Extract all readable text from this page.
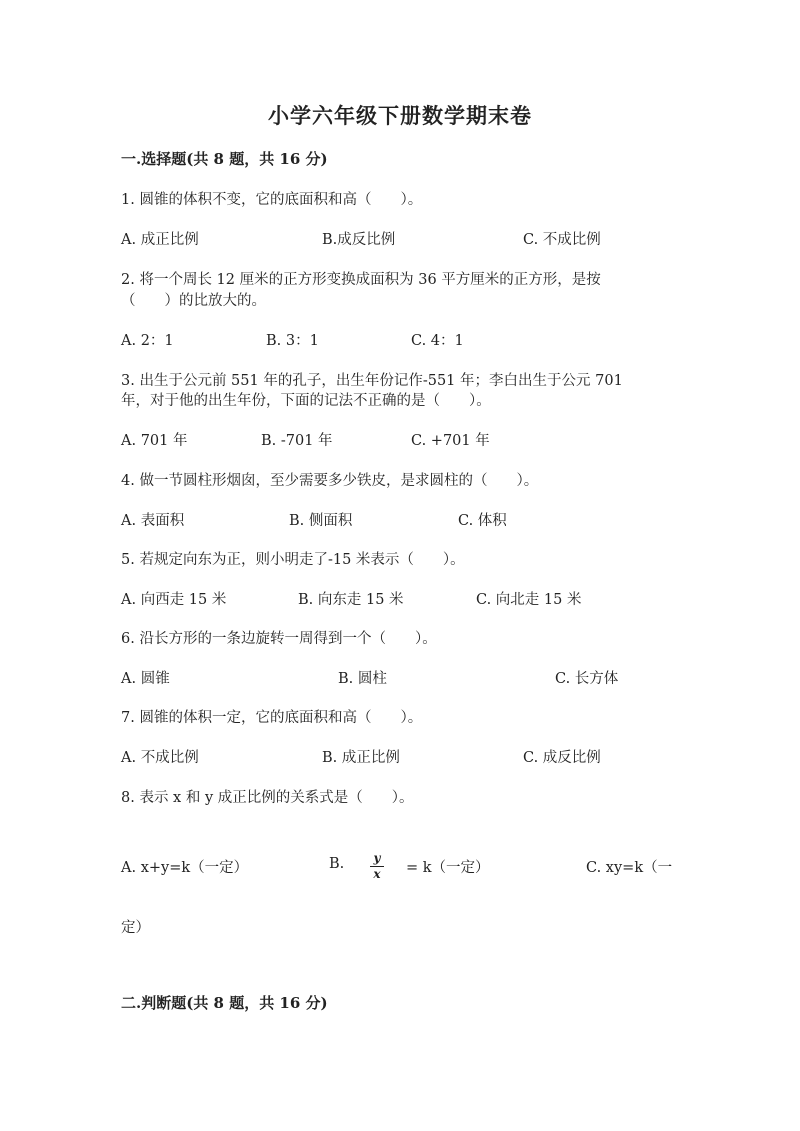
小学六年级下册数学期末卷
一.选择题(共 8 题，共 16 分)
1. 圆锥的体积不变，它的底面积和高（　　）。
A. 成正比例	B.成反比例	C. 不成比例
2. 将一个周长 12 厘米的正方形变换成面积为 36 平方厘米的正方形，是按
（　　）的比放大的。
A. 2：1	B. 3：1	C. 4：1
3. 出生于公元前 551 年的孔子，出生年份记作-551 年；李白出生于公元 701
年，对于他的出生年份，下面的记法不正确的是（　　）。
A. 701 年	B. -701 年	C. +701 年
4. 做一节圆柱形烟囱，至少需要多少铁皮，是求圆柱的（　　）。
A. 表面积	B. 侧面积	C. 体积
5. 若规定向东为正，则小明走了-15 米表示（　　）。
A. 向西走 15 米	B. 向东走 15 米	C. 向北走 15 米
6. 沿长方形的一条边旋转一周得到一个（　　）。
A. 圆锥	B. 圆柱	C. 长方体
7. 圆锥的体积一定，它的底面积和高（　　）。
A. 不成比例	B. 成正比例	C. 成反比例
8. 表示 x 和 y 成正比例的关系式是（　　）。
A. x+y=k（一定）	B. $\frac{y}{x} = k$（一定）	C. xy=k（一
定）
二.判断题(共 8 题，共 16 分)
